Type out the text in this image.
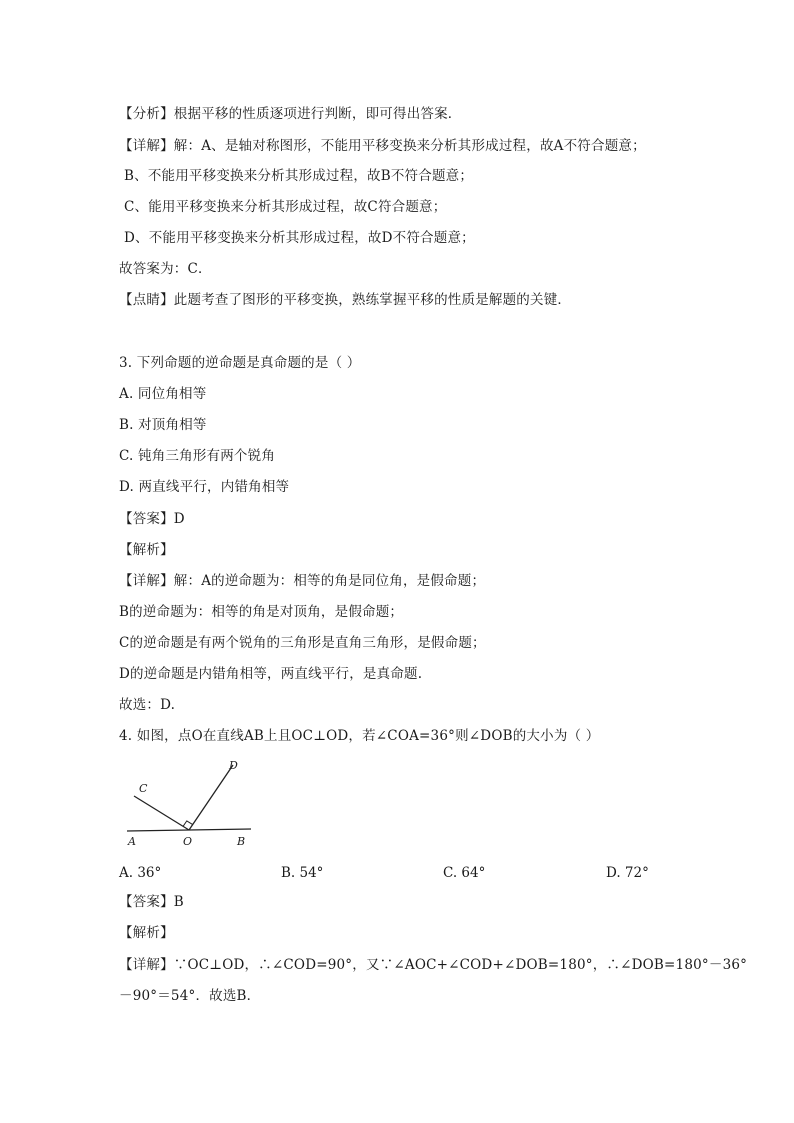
【分析】根据平移的性质逐项进行判断，即可得出答案．
【详解】解：A、是轴对称图形，不能用平移变换来分析其形成过程，故A不符合题意；
B、不能用平移变换来分析其形成过程，故B不符合题意；
C、能用平移变换来分析其形成过程，故C符合题意；
D、不能用平移变换来分析其形成过程，故D不符合题意；
故答案为：C．
【点睛】此题考查了图形的平移变换，熟练掌握平移的性质是解题的关键．
3. 下列命题的逆命题是真命题的是（ ）
A. 同位角相等
B. 对顶角相等
C. 钝角三角形有两个锐角
D. 两直线平行，内错角相等
【答案】D
【解析】
【详解】解：A的逆命题为：相等的角是同位角，是假命题；
B的逆命题为：相等的角是对顶角，是假命题；
C的逆命题是有两个锐角的三角形是直角三角形，是假命题；
D的逆命题是内错角相等，两直线平行，是真命题.
故选：D.
4. 如图，点O在直线AB上且OC⊥OD，若∠COA=36°则∠DOB的大小为（ ）
D
C
A	O	B
A. 36°	B. 54°	C. 64°	D. 72°
【答案】B
【解析】
【详解】∵OC⊥OD，∴∠COD=90°，又∵∠AOC+∠COD+∠DOB=180°，∴∠DOB=180°－36°
－90°＝54°．故选B．
